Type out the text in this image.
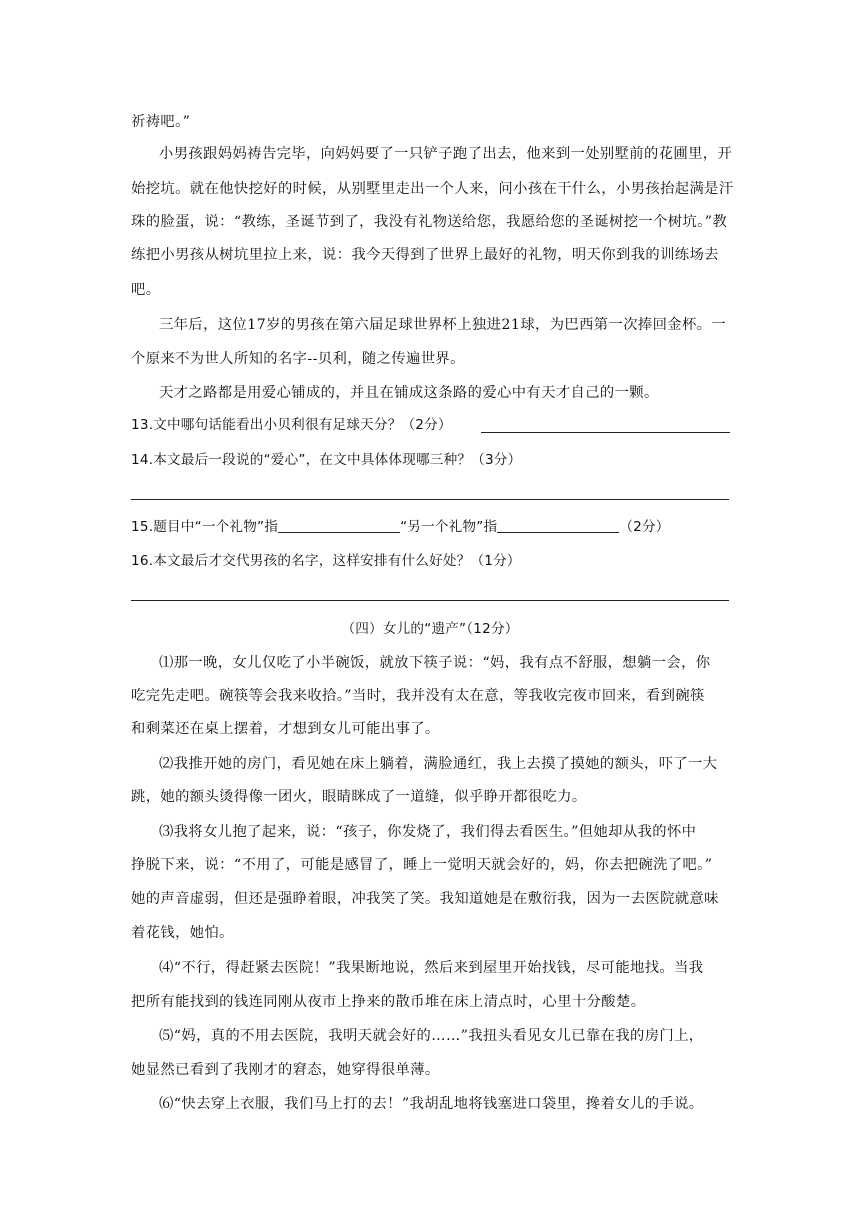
祈祷吧。”
小男孩跟妈妈祷告完毕，向妈妈要了一只铲子跑了出去，他来到一处别墅前的花圃里，开
始挖坑。就在他快挖好的时候，从别墅里走出一个人来，问小孩在干什么，小男孩抬起满是汗
珠的脸蛋，说：“教练，圣诞节到了，我没有礼物送给您，我愿给您的圣诞树挖一个树坑。”教
练把小男孩从树坑里拉上来，说：我今天得到了世界上最好的礼物，明天你到我的训练场去
吧。
三年后，这位17岁的男孩在第六届足球世界杯上独进21球，为巴西第一次捧回金杯。一
个原来不为世人所知的名字--贝利，随之传遍世界。
天才之路都是用爱心铺成的，并且在铺成这条路的爱心中有天才自己的一颗。
13.文中哪句话能看出小贝利很有足球天分？（2分）
14.本文最后一段说的“爱心”，在文中具体体现哪三种？（3分）
15.题目中“一个礼物”指	“另一个礼物”指	（2分）
16.本文最后才交代男孩的名字，这样安排有什么好处？（1分）
（四）女儿的“遗产”（12分）
⑴那一晚，女儿仅吃了小半碗饭，就放下筷子说：“妈，我有点不舒服，想躺一会，你
吃完先走吧。碗筷等会我来收拾。”当时，我并没有太在意，等我收完夜市回来，看到碗筷
和剩菜还在桌上摆着，才想到女儿可能出事了。
⑵我推开她的房门，看见她在床上躺着，满脸通红，我上去摸了摸她的额头，吓了一大
跳，她的额头烫得像一团火，眼睛眯成了一道缝，似乎睁开都很吃力。
⑶我将女儿抱了起来，说：“孩子，你发烧了，我们得去看医生。”但她却从我的怀中
挣脱下来，说：“不用了，可能是感冒了，睡上一觉明天就会好的，妈，你去把碗洗了吧。”
她的声音虚弱，但还是强睁着眼，冲我笑了笑。我知道她是在敷衍我，因为一去医院就意味
着花钱，她怕。
⑷“不行，得赶紧去医院！”我果断地说，然后来到屋里开始找钱，尽可能地找。当我
把所有能找到的钱连同刚从夜市上挣来的散币堆在床上清点时，心里十分酸楚。
⑸“妈，真的不用去医院，我明天就会好的……”我扭头看见女儿已靠在我的房门上，
她显然已看到了我刚才的窘态，她穿得很单薄。
⑹“快去穿上衣服，我们马上打的去！”我胡乱地将钱塞进口袋里，搀着女儿的手说。
